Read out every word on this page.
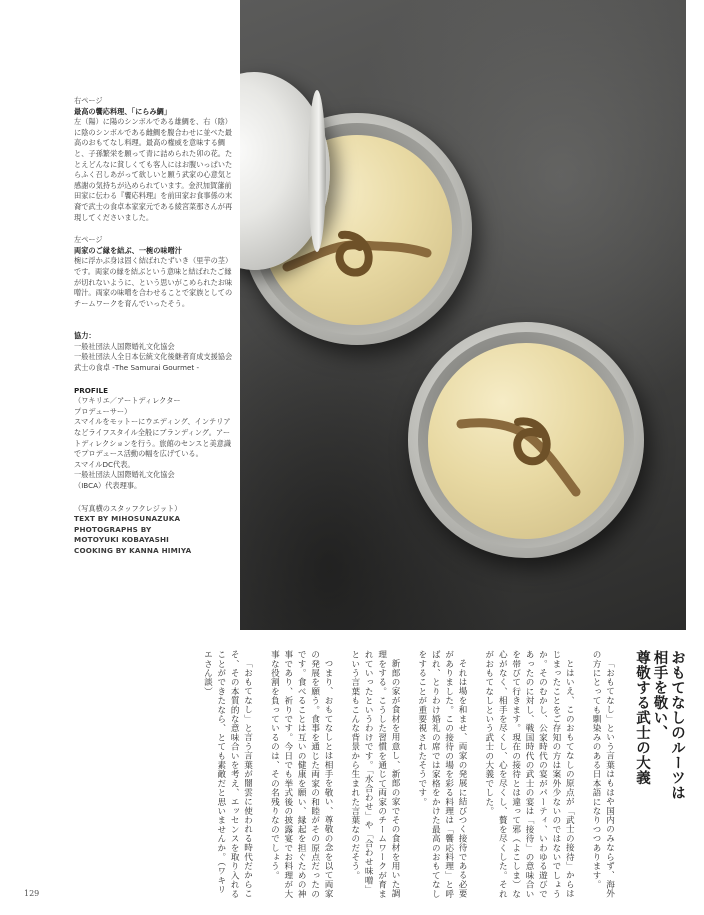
右ページ

最高の饗応料理、「にらみ鯛」

左（陽）に陽のシンボルである雄鯛を、右（陰）に陰のシンボルである雌鯛を腹合わせに並べた最高のおもてなし料理。最高の権威を意味する鯛と、子孫繁栄を願って青に詰められた卯の花。たとえどんなに貧しくても客人にはお腹いっぱいたらふく召しあがって欲しいと願う武家の心意気と感謝の気持ちが込められています。金沢加賀藩前田家に伝わる『饗応料理』を前田家お食事係の末裔で武士の食卓本家家元である綾宮菜那さんが再現してくださいました。

左ページ

両家のご縁を結ぶ、一椀の味噌汁

椀に浮かぶ身は固く結ばれたずいき（里芋の茎）です。両家の縁を結ぶという意味と結ばれたご縁が切れないように、という思いがこめられたお味噌汁。両家の味噌を合わせることで家族としてのチームワークを育んでいったそう。

協力：

一般社団法人国際婚礼文化協会

一般社団法人全日本伝統文化後継者育成支援協会

武士の食卓 -The Samurai Gourmet -

PROFILE

（ワキリエ／アートディレクター

プロデューサー）

スマイルをモットーにウエディング、インテリアなどライフスタイル全般にブランディング。アートディレクションを行う。旅館のセンスと美意識でプロデュース活動の幅を広げている。

スマイルDC代表。

一般社団法人国際婚礼文化協会

（IBCA）代表理事。

（写真横のスタッフクレジット）

TEXT BY MIHOSUNAZUKA

PHOTOGRAPHS BY

MOTOYUKI KOBAYASHI

COOKING BY KANNA HIMIYA

おもてなしのルーツは
相手を敬い、
尊敬する武士の大義

「おもてなし」という言葉はもはや国内のみならず、海外の方にとっても馴染みのある日本語になりつつあります。

とはいえ、このおもてなしの原点が「武士の接待」からはじまったことをご存知の方は案外少ないのではないでしょうか。そのむかし、公家時代の宴がパーティ、いわゆる遊びであったのに対し、戦国時代の武士の宴は「接待」の意味合いを帯びて行きます。現在の接待とは違って邪（よこしま）な心がなく、相手を尽くし、心を尽くし、贅を尽くした。それがおもてなしという武士の大義でした。

それは場を和ませ、両家の発展に結びつく接待である必要がありました。この接待の場を彩る料理は「饗応料理」と呼ばれ、とりわけ婚礼の席では家格をかけた最高のおもてなしをすることが重要視されたそうです。

新郎の家が食材を用意し、新郎の家でその食材を用いた調理をする。こうした習慣を通じて両家のチームワークが育まれていったというわけです。「水合わせ」や「合わせ味噌」という言葉もこんな背景から生まれた言葉なのだそう。

つまり、おもてなしとは相手を敬い、尊敬の念を以て両家の発展を願う。食事を通じた両家の和睦がその原点だったのです。食べることは互いの健康を願い、縁起を担ぐための神事であり、祈りです。今日でも挙式後の披露宴でお料理が大事な役割を負っているのは、その名残りなのでしょう。

「おもてなし」と言う言葉が闇雲に使われる時代だからこそ、その本質的な意味合いを考え、エッセンスを取り入れることができたなら、とても素敵だと思いませんか。（ワキリエさん談）

129
